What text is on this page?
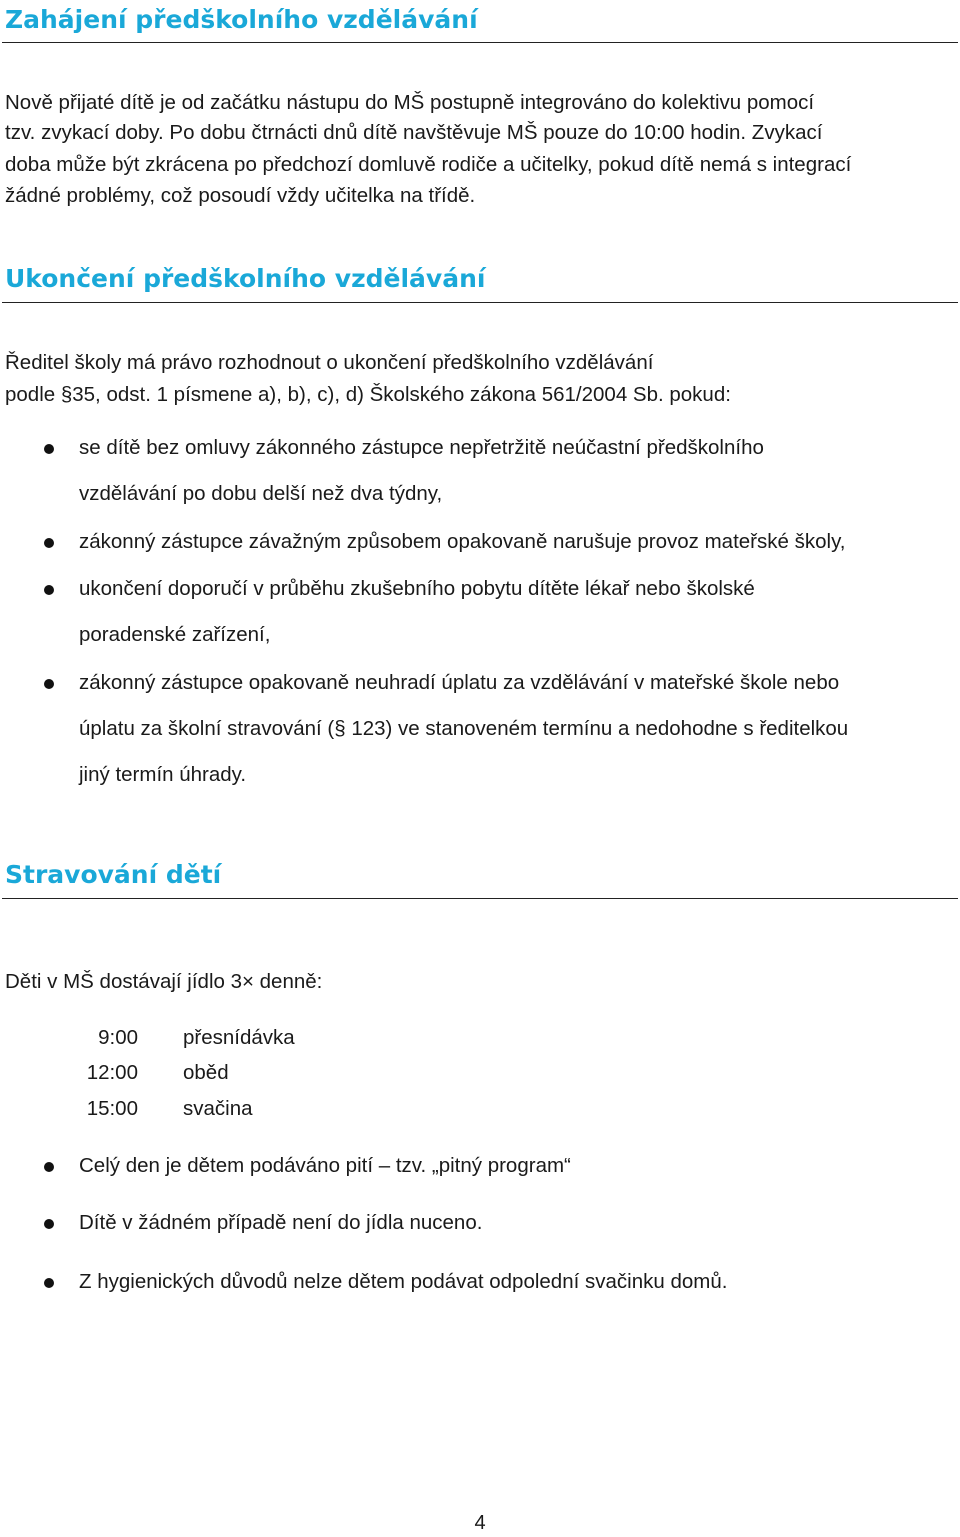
Zahájení předškolního vzdělávání
Nově přijaté dítě je od začátku nástupu do MŠ postupně integrováno do kolektivu pomocí
tzv. zvykací doby. Po dobu čtrnácti dnů dítě navštěvuje MŠ pouze do 10:00 hodin. Zvykací
doba může být zkrácena po předchozí domluvě rodiče a učitelky, pokud dítě nemá s integrací
žádné problémy, což posoudí vždy učitelka na třídě.
Ukončení předškolního vzdělávání
Ředitel školy má právo rozhodnout o ukončení předškolního vzdělávání
podle §35, odst. 1 písmene a), b), c), d) Školského zákona 561/2004 Sb. pokud:
se dítě bez omluvy zákonného zástupce nepřetržitě neúčastní předškolního
vzdělávání po dobu delší než dva týdny,
zákonný zástupce závažným způsobem opakovaně narušuje provoz mateřské školy,
ukončení doporučí v průběhu zkušebního pobytu dítěte lékař nebo školské
poradenské zařízení,
zákonný zástupce opakovaně neuhradí úplatu za vzdělávání v mateřské škole nebo
úplatu za školní stravování (§ 123) ve stanoveném termínu a nedohodne s ředitelkou
jiný termín úhrady.
Stravování dětí
Děti v MŠ dostávají jídlo 3× denně:
9:00 přesnídávka
12:00 oběd
15:00 svačina
Celý den je dětem podáváno pití – tzv. „pitný program“
Dítě v žádném případě není do jídla nuceno.
Z hygienických důvodů nelze dětem podávat odpolední svačinku domů.
4
